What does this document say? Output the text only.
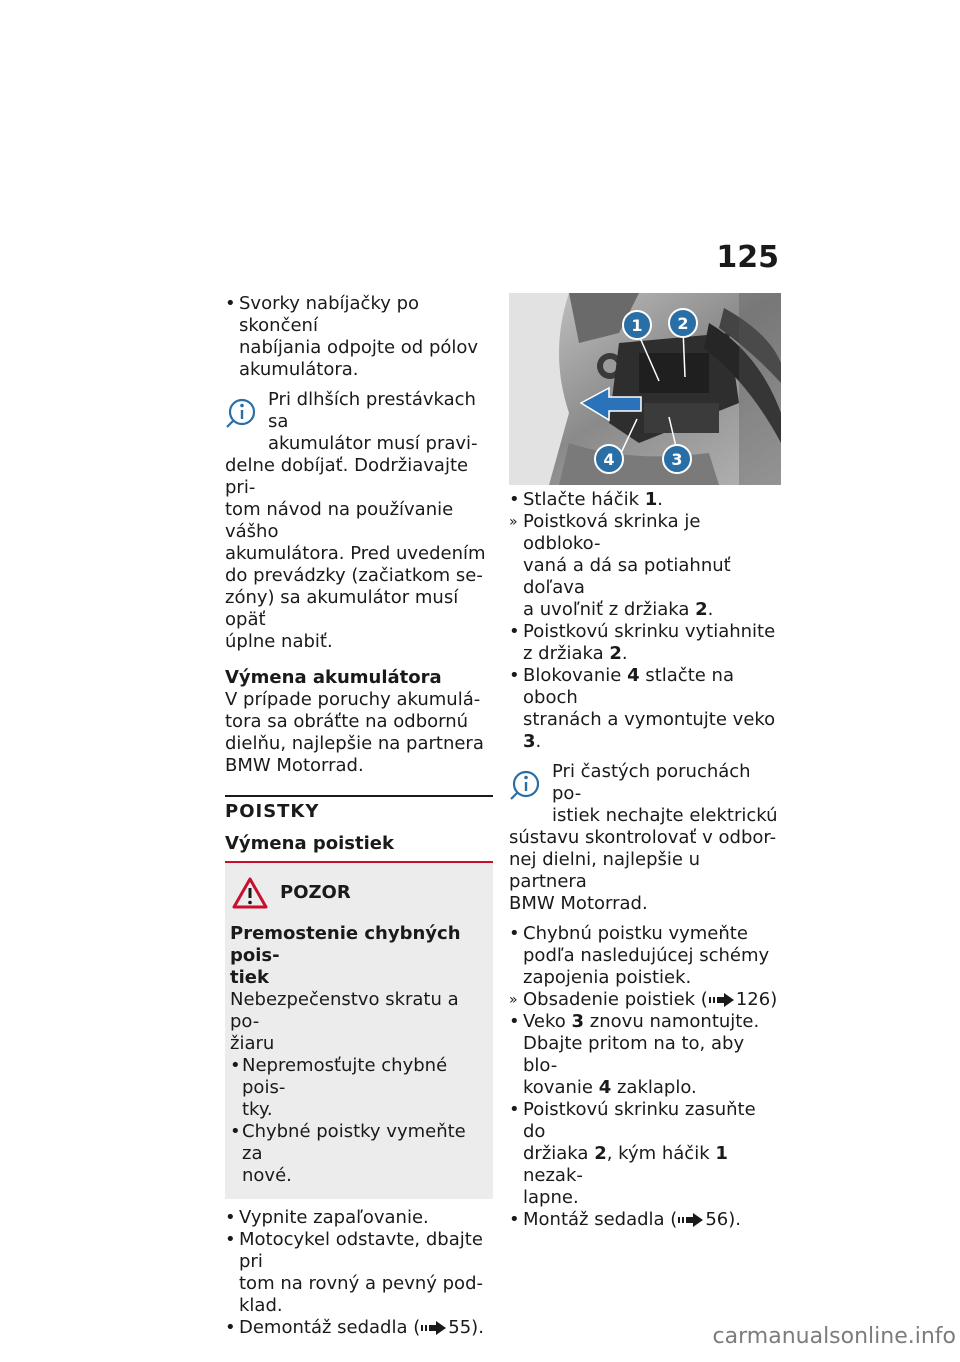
125
• Svorky nabíjačky po skončení
nabíjania odpojte od pólov
akumulátora.
Pri dlhších prestávkach sa
akumulátor musí pravi-
delne dobíjať. Dodržiavajte pri-
tom návod na používanie vášho
akumulátora. Pred uvedením
do prevádzky (začiatkom se-
zóny) sa akumulátor musí opäť
úplne nabiť.
Výmena akumulátora
V prípade poruchy akumulá-
tora sa obráťte na odbornú
dielňu, najlepšie na partnera
BMW Motorrad.
POISTKY
Výmena poistiek
POZOR
Premostenie chybných pois-
tiek
Nebezpečenstvo skratu a po-
žiaru
• Nepremosťujte chybné pois-
tky.
• Chybné poistky vymeňte za
nové.
• Vypnite zapaľovanie.
• Motocykel odstavte, dbajte pri
tom na rovný a pevný pod-
klad.
• Demontáž sedadla ( 55).
1 2
3
4
• Stlačte háčik 1.
» Poistková skrinka je odbloko-
vaná a dá sa potiahnuť doľava
a uvoľniť z držiaka 2.
• Poistkovú skrinku vytiahnite
z držiaka 2.
• Blokovanie 4 stlačte na oboch
stranách a vymontujte veko 3.
Pri častých poruchách po-
istiek nechajte elektrickú
sústavu skontrolovať v odbor-
nej dielni, najlepšie u partnera
BMW Motorrad.
• Chybnú poistku vymeňte
podľa nasledujúcej schémy
zapojenia poistiek.
» Obsadenie poistiek ( 126)
• Veko 3 znovu namontujte.
Dbajte pritom na to, aby blo-
kovanie 4 zaklaplo.
• Poistkovú skrinku zasuňte do
držiaka 2, kým háčik 1 nezak-
lapne.
• Montáž sedadla ( 56).
carmanualsonline.info
